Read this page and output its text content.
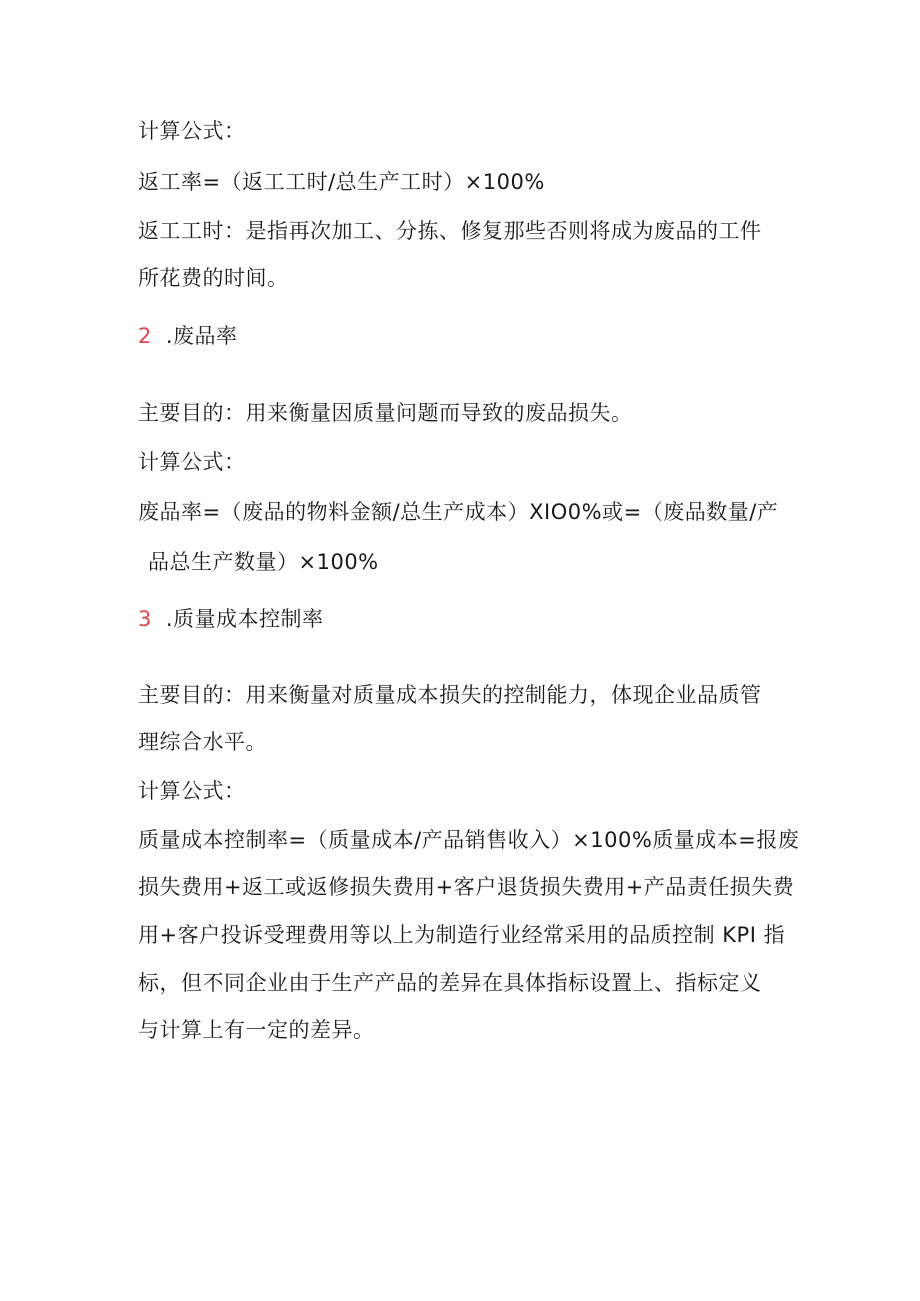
计算公式：
返工率=（返工工时/总生产工时）×100%
返工工时：是指再次加工、分拣、修复那些否则将成为废品的工件
所花费的时间。
2 .废品率
主要目的：用来衡量因质量问题而导致的废品损失。
计算公式：
废品率=（废品的物料金额/总生产成本）XIO0%或=（废品数量/产
品总生产数量）×100%
3 .质量成本控制率
主要目的：用来衡量对质量成本损失的控制能力，体现企业品质管
理综合水平。
计算公式：
质量成本控制率=（质量成本/产品销售收入）×100%质量成本=报废
损失费用+返工或返修损失费用+客户退货损失费用+产品责任损失费
用+客户投诉受理费用等以上为制造行业经常采用的品质控制 KPI 指
标，但不同企业由于生产产品的差异在具体指标设置上、指标定义
与计算上有一定的差异。
